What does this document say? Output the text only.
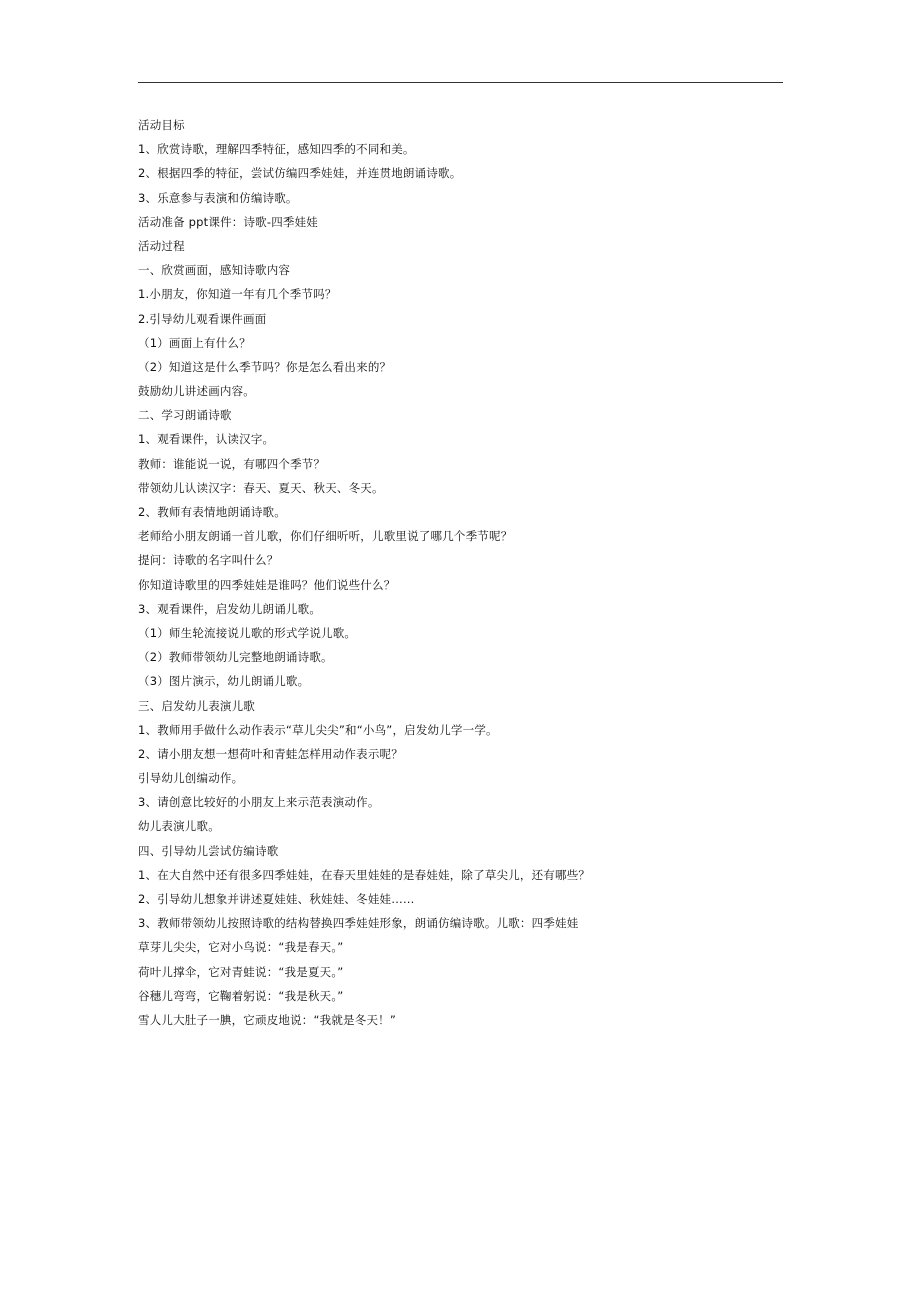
活动目标
1、欣赏诗歌，理解四季特征，感知四季的不同和美。
2、根据四季的特征，尝试仿编四季娃娃，并连贯地朗诵诗歌。
3、乐意参与表演和仿编诗歌。
活动准备 ppt课件：诗歌-四季娃娃
活动过程
一、欣赏画面，感知诗歌内容
1.小朋友，你知道一年有几个季节吗？
2.引导幼儿观看课件画面
（1）画面上有什么？
（2）知道这是什么季节吗？你是怎么看出来的？
鼓励幼儿讲述画内容。
二、学习朗诵诗歌
1、观看课件，认读汉字。
教师：谁能说一说，有哪四个季节？
带领幼儿认读汉字：春天、夏天、秋天、冬天。
2、教师有表情地朗诵诗歌。
老师给小朋友朗诵一首儿歌，你们仔细听听，儿歌里说了哪几个季节呢？
提问：诗歌的名字叫什么？
你知道诗歌里的四季娃娃是谁吗？他们说些什么？
3、观看课件，启发幼儿朗诵儿歌。
（1）师生轮流接说儿歌的形式学说儿歌。
（2）教师带领幼儿完整地朗诵诗歌。
（3）图片演示，幼儿朗诵儿歌。
三、启发幼儿表演儿歌
1、教师用手做什么动作表示“草儿尖尖”和“小鸟”，启发幼儿学一学。
2、请小朋友想一想荷叶和青蛙怎样用动作表示呢？
引导幼儿创编动作。
3、请创意比较好的小朋友上来示范表演动作。
幼儿表演儿歌。
四、引导幼儿尝试仿编诗歌
1、在大自然中还有很多四季娃娃，在春天里娃娃的是春娃娃，除了草尖儿，还有哪些？
2、引导幼儿想象并讲述夏娃娃、秋娃娃、冬娃娃……
3、教师带领幼儿按照诗歌的结构替换四季娃娃形象，朗诵仿编诗歌。儿歌：四季娃娃
草芽儿尖尖，它对小鸟说：“我是春天。”
荷叶儿撑伞，它对青蛙说：“我是夏天。”
谷穗儿弯弯，它鞠着躬说：“我是秋天。”
雪人儿大肚子一腆，它顽皮地说：“我就是冬天！”
